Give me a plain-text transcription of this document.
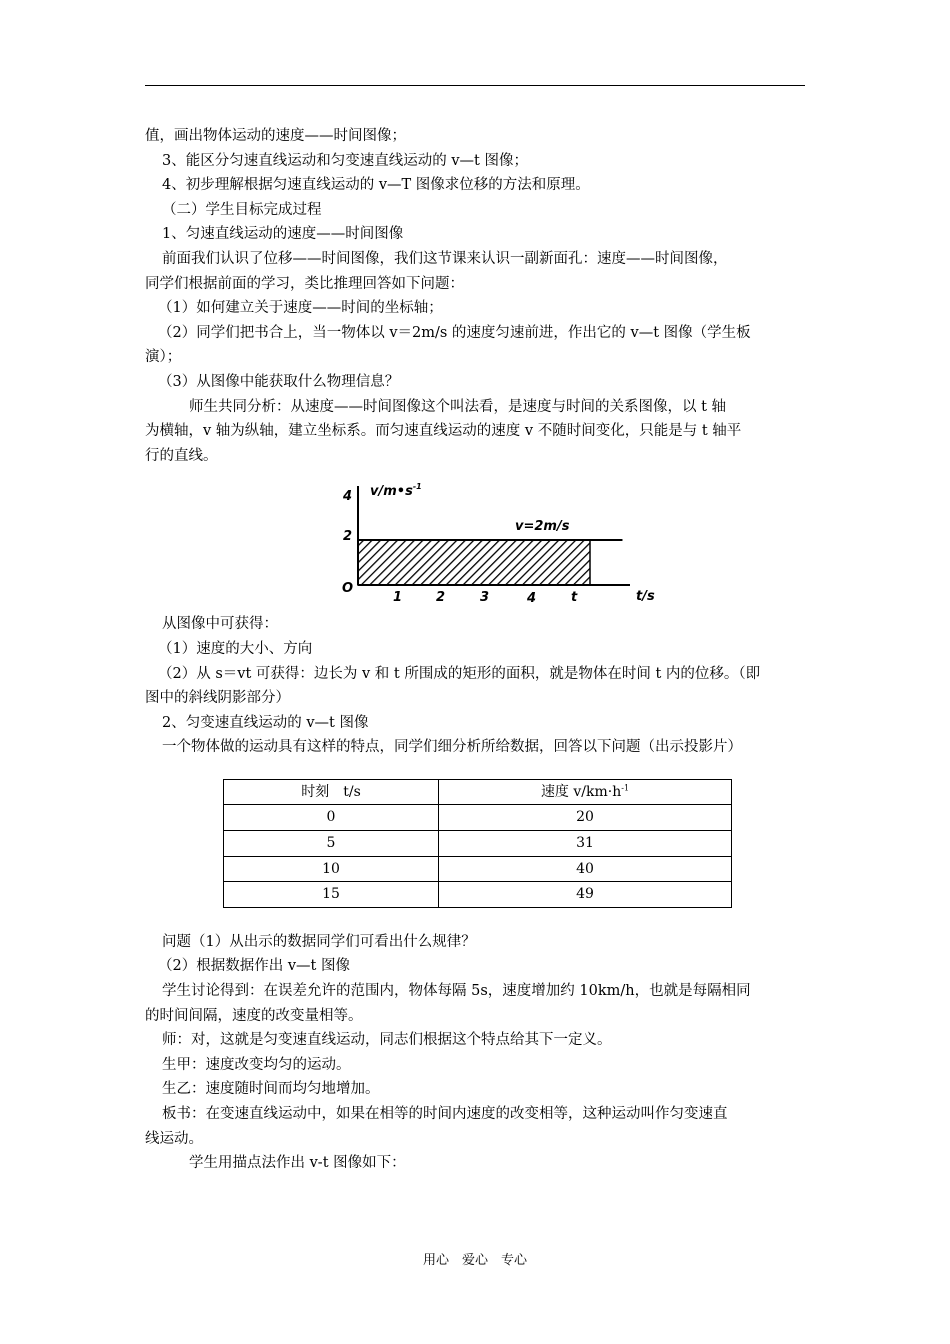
值，画出物体运动的速度——时间图像；

3、能区分匀速直线运动和匀变速直线运动的 v—t 图像；

4、初步理解根据匀速直线运动的 v—T 图像求位移的方法和原理。

（二）学生目标完成过程

1、匀速直线运动的速度——时间图像

前面我们认识了位移——时间图像，我们这节课来认识一副新面孔：速度——时间图像，

同学们根据前面的学习，类比推理回答如下问题：

（1）如何建立关于速度——时间的坐标轴；

（2）同学们把书合上，当一物体以 v＝2m/s 的速度匀速前进，作出它的 v—t 图像（学生板

演）；

（3）从图像中能获取什么物理信息？

师生共同分析：从速度——时间图像这个叫法看，是速度与时间的关系图像，以 t 轴

为横轴，v 轴为纵轴，建立坐标系。而匀速直线运动的速度 v 不随时间变化，只能是与 t 轴平

行的直线。

O
4
2
$v/m•s^{-1}$
v=2m/s
1	2	3	4	t	t/s

从图像中可获得：

（1）速度的大小、方向

（2）从 s＝vt 可获得：边长为 v 和 t 所围成的矩形的面积，就是物体在时间 t 内的位移。（即

图中的斜线阴影部分）

2、匀变速直线运动的 v—t 图像

一个物体做的运动具有这样的特点，同学们细分析所给数据，回答以下问题（出示投影片）

时刻　t/s	速度 $v/km\cdot h^{-1}$
0	20
5	31
10	40
15	49

问题（1）从出示的数据同学们可看出什么规律？

（2）根据数据作出 v—t 图像

学生讨论得到：在误差允许的范围内，物体每隔 5s，速度增加约 10km/h，也就是每隔相同

的时间间隔，速度的改变量相等。

师：对，这就是匀变速直线运动，同志们根据这个特点给其下一定义。

生甲：速度改变均匀的运动。

生乙：速度随时间而均匀地增加。

板书：在变速直线运动中，如果在相等的时间内速度的改变相等，这种运动叫作匀变速直

线运动。

学生用描点法作出 v-t 图像如下：

用心　爱心　专心
